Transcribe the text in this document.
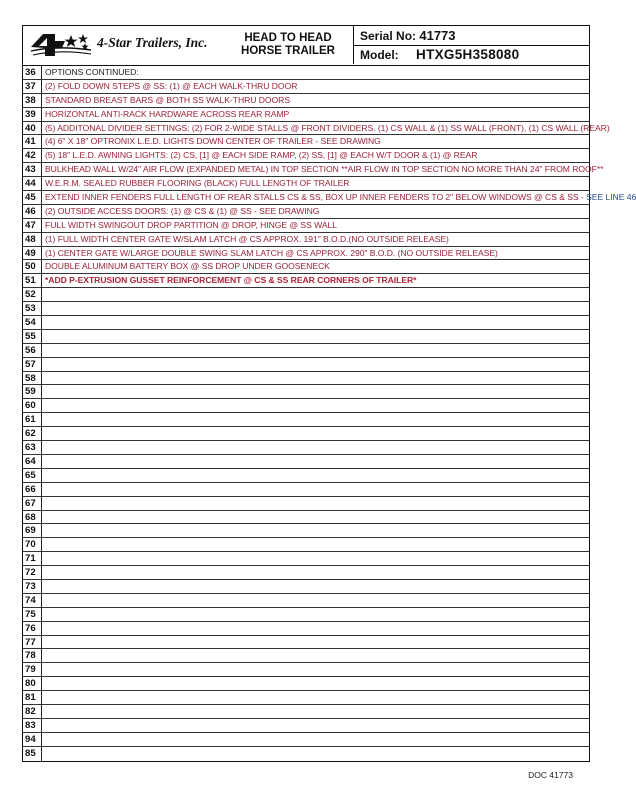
4-Star Trailers, Inc.	HEAD TO HEAD
HORSE TRAILER
Serial No: 41773
Model: HTXG5H358080
36	OPTIONS CONTINUED:
37	(2) FOLD DOWN STEPS @ SS: (1) @ EACH WALK-THRU DOOR
38	STANDARD BREAST BARS @ BOTH SS WALK-THRU DOORS
39	HORIZONTAL ANTI-RACK HARDWARE ACROSS REAR RAMP
40	(5) ADDITONAL DIVIDER SETTINGS: (2) FOR 2-WIDE STALLS @ FRONT DIVIDERS. (1) CS WALL & (1) SS WALL (FRONT), (1) CS WALL (REAR)
41	(4) 6" X 18" OPTRONIX L.E.D. LIGHTS DOWN CENTER OF TRAILER - SEE DRAWING
42	(5) 18" L.E.D. AWNING LIGHTS: (2) CS, [1] @ EACH SIDE RAMP, (2) SS, [1] @ EACH W/T DOOR & (1) @ REAR
43	BULKHEAD WALL W/24" AIR FLOW (EXPANDED METAL) IN TOP SECTION **AIR FLOW IN TOP SECTION NO MORE THAN 24" FROM ROOF**
44	W.E.R.M. SEALED RUBBER FLOORING (BLACK) FULL LENGTH OF TRAILER
45	EXTEND INNER FENDERS FULL LENGTH OF REAR STALLS CS & SS, BOX UP INNER FENDERS TO 2" BELOW WINDOWS @ CS & SS - SEE LINE 46
46	(2) OUTSIDE ACCESS DOORS: (1) @ CS & (1) @ SS - SEE DRAWING
47	FULL WIDTH SWINGOUT DROP PARTITION @ DROP, HINGE @ SS WALL
48	(1) FULL WIDTH CENTER GATE W/SLAM LATCH @ CS APPROX. 191" B.O.D.(NO OUTSIDE RELEASE)
49	(1) CENTER GATE W/LARGE DOUBLE SWING SLAM LATCH @ CS APPROX. 290" B.O.D. (NO OUTSIDE RELEASE)
50	DOUBLE ALUMINUM BATTERY BOX @ SS DROP UNDER GOOSENECK
51	*ADD P-EXTRUSION GUSSET REINFORCEMENT @ CS & SS REAR CORNERS OF TRAILER*
52
53
54
55
56
57
58
59
60
61
62
63
64
65
66
67
68
69
70
71
72
73
74
75
76
77
78
79
80
81
82
83
94
85
DOC 41773
